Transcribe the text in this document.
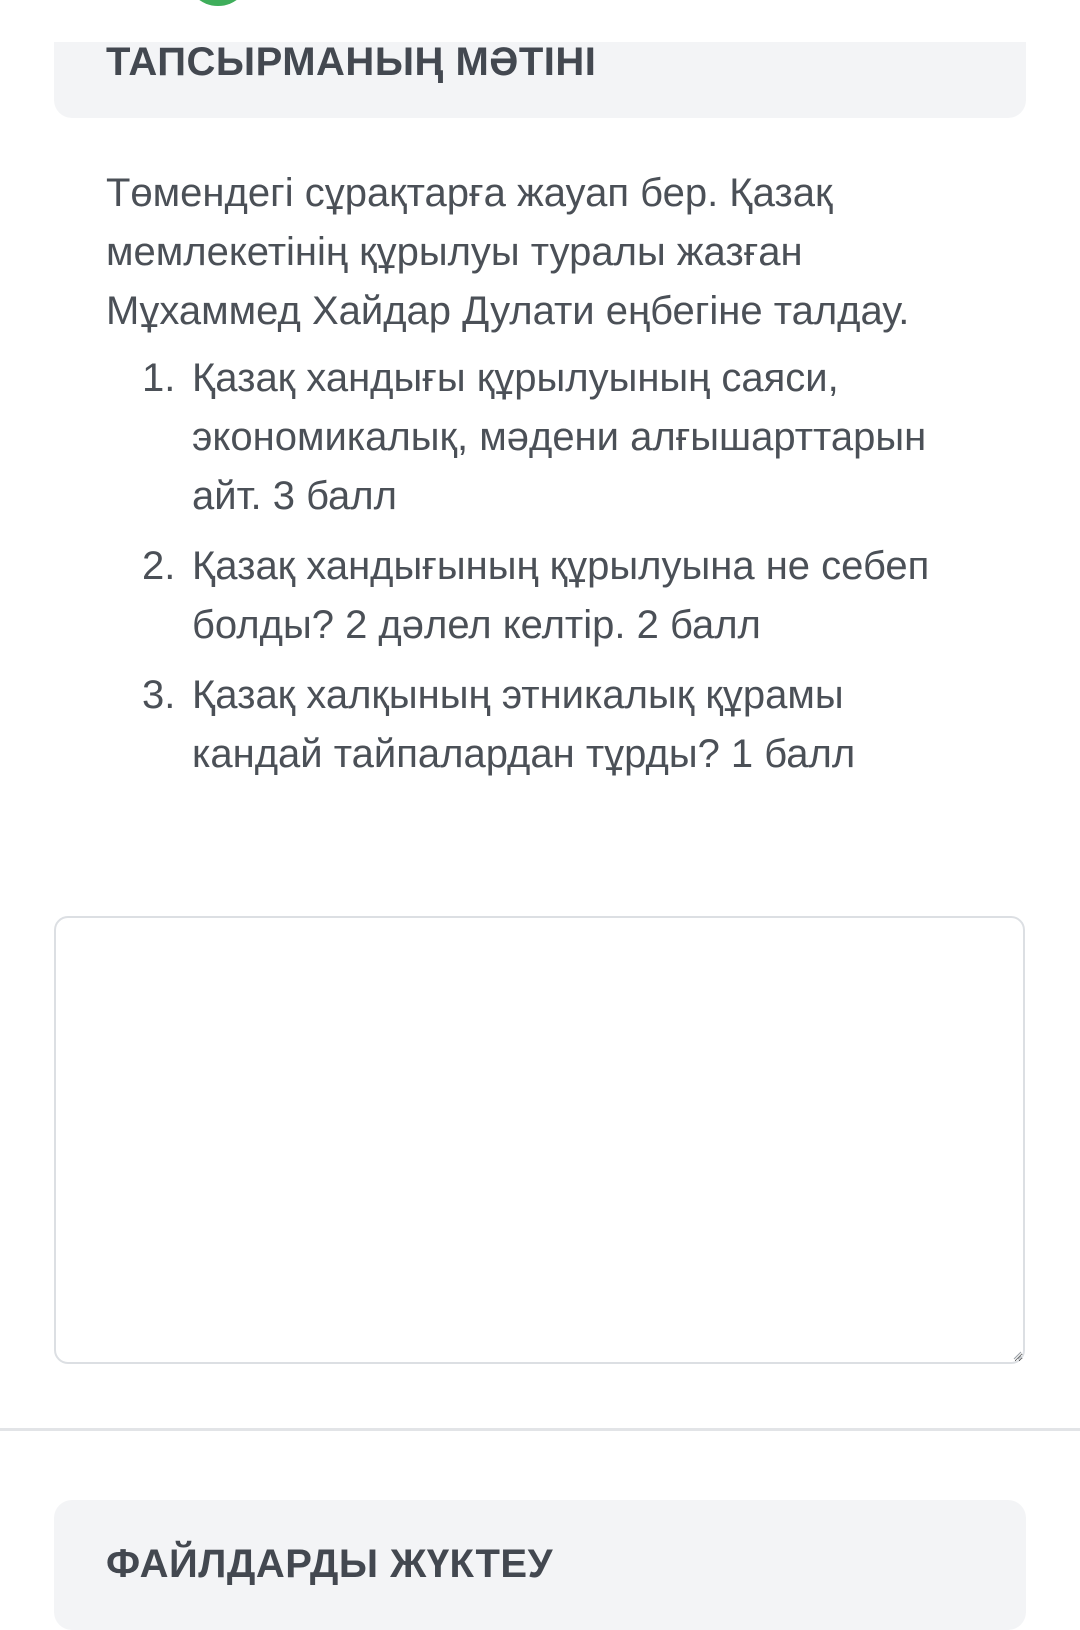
ТАПСЫРМАНЫҢ МӘТІНІ

Төмендегі сұрақтарға жауап бер. Қазақ мемлекетінің құрылуы туралы жазған Мұхаммед Хайдар Дулати еңбегіне талдау.

1. Қазақ хандығы құрылуының саяси, экономикалық, мәдени алғышарттарын айт. 3 балл
2. Қазақ хандығының құрылуына не себеп болды? 2 дәлел келтір. 2 балл
3. Қазақ халқының этникалық құрамы кандай тайпалардан тұрды? 1 балл
ФАЙЛДАРДЫ ЖҮКТЕУ
